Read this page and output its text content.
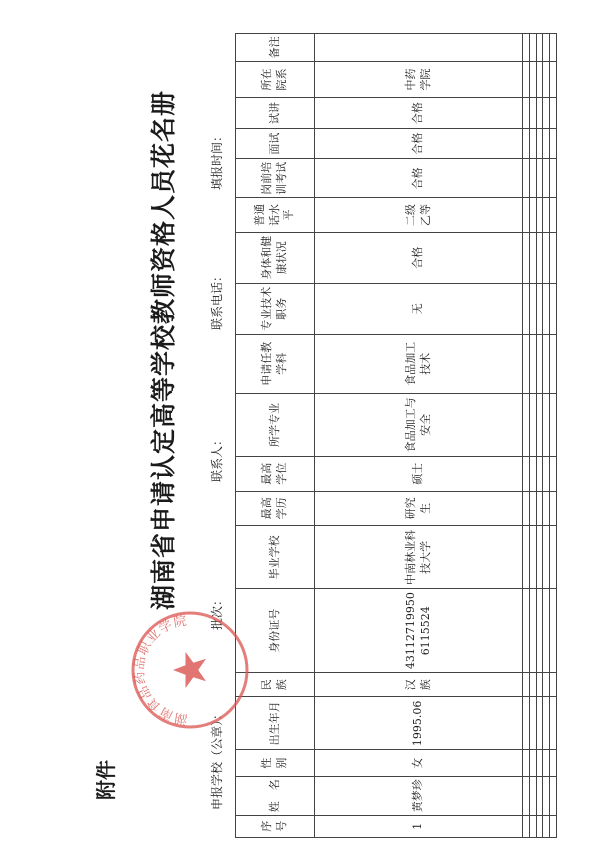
附件
湖南省申请认定高等学校教师资格人员花名册
申报学校（公章）：
批次：
联系人：
联系电话：
填报时间：
序号	姓　名	性别	出生年月	民族	身份证号	毕业学校	最高学历	最高学位	所学专业	申请任教学科	专业技术职务	身体和健康状况	普通话水平	岗前培训考试	面试	试讲	所在院系	备注
1	黄梦珍	女	1995.06	汉族	431127199506115524	中南林业科技大学	研究生	硕士	食品加工与安全	食品加工技术	无	合格	二级乙等	合格	合格	合格	中药学院	

湖南食品药品职业学院
